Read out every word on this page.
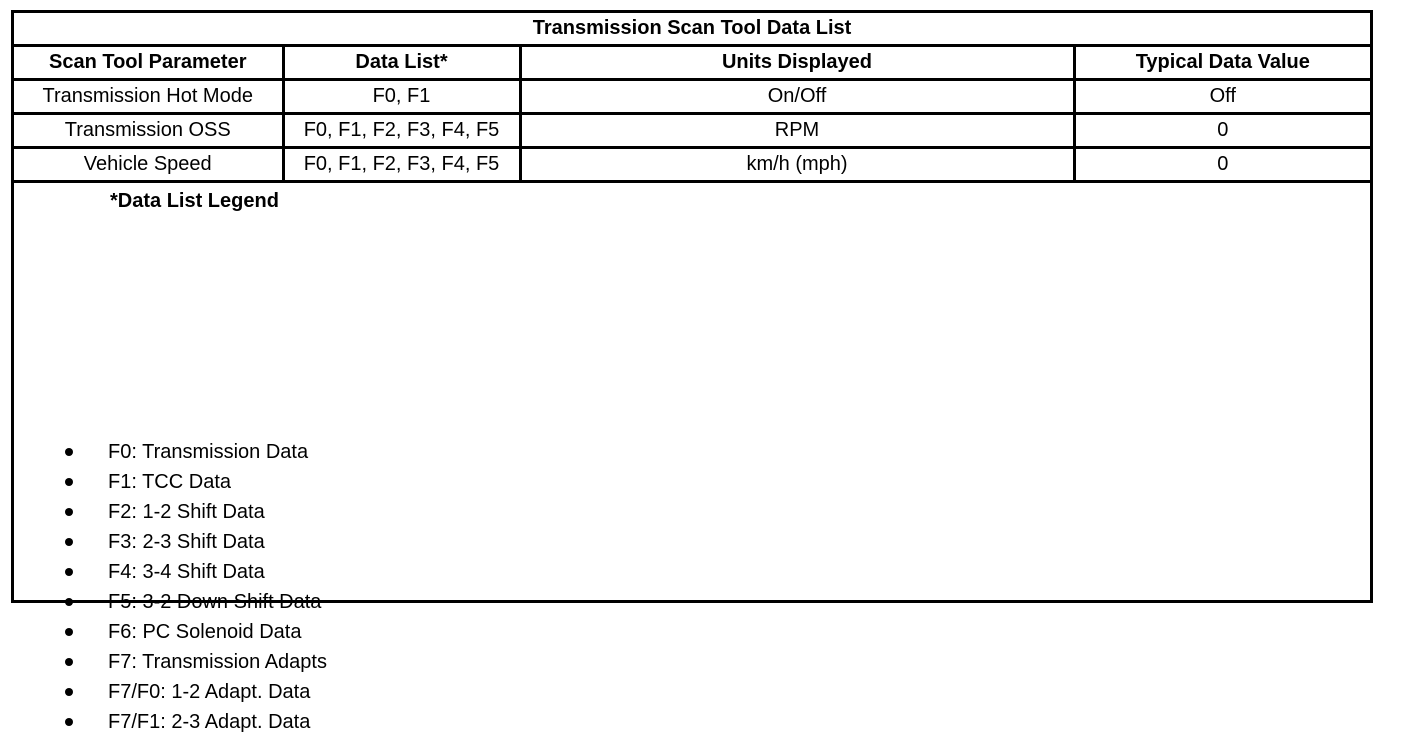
Transmission Scan Tool Data List			
Scan Tool Parameter	Data List*	Units Displayed	Typical Data Value
Transmission Hot Mode	F0, F1	On/Off	Off
Transmission OSS	F0, F1, F2, F3, F4, F5	RPM	0
Vehicle Speed	F0, F1, F2, F3, F4, F5	km/h (mph)	0
*Data List Legend
F0: Transmission Data
F1: TCC Data
F2: 1-2 Shift Data
F3: 2-3 Shift Data
F4: 3-4 Shift Data
F5: 3-2 Down Shift Data
F6: PC Solenoid Data
F7: Transmission Adapts
F7/F0: 1-2 Adapt. Data
F7/F1: 2-3 Adapt. Data
